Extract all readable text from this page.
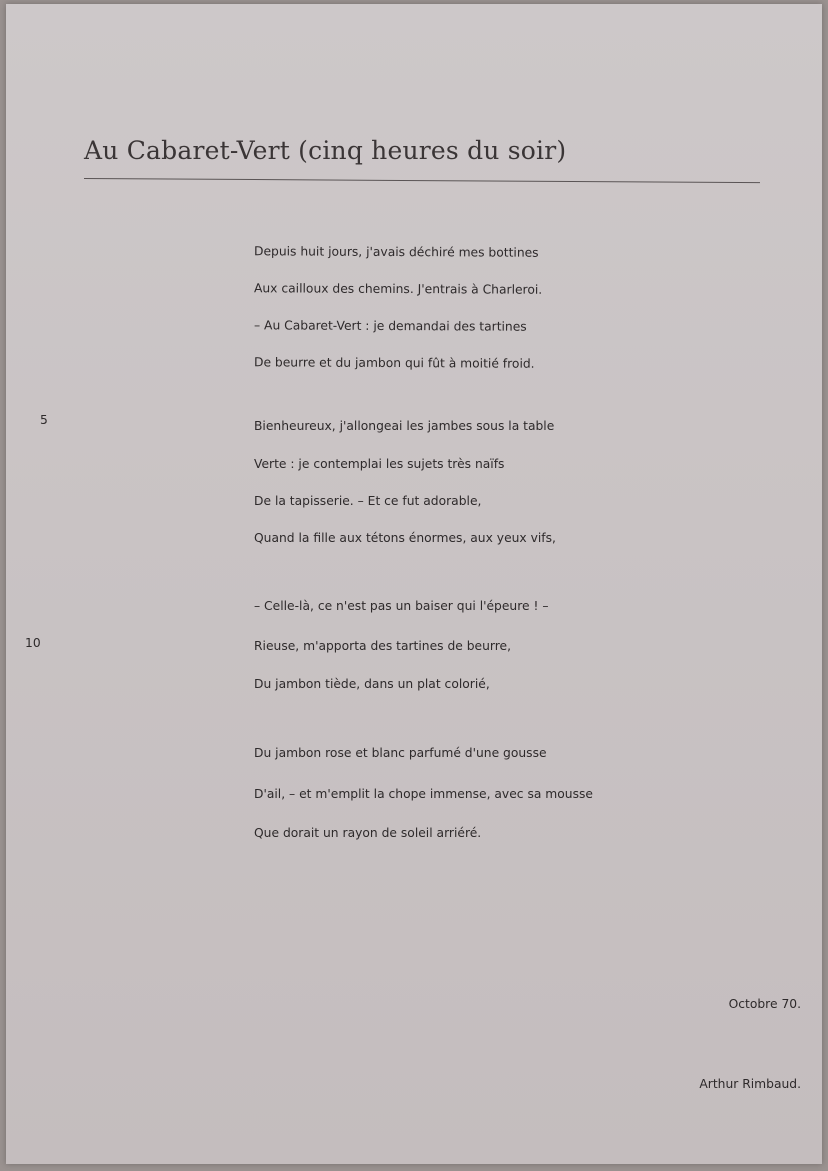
Au Cabaret-Vert (cinq heures du soir)
Depuis huit jours, j'avais déchiré mes bottines
Aux cailloux des chemins. J'entrais à Charleroi.
– Au Cabaret-Vert : je demandai des tartines
De beurre et du jambon qui fût à moitié froid.
5	Bienheureux, j'allongeai les jambes sous la table
Verte : je contemplai les sujets très naïfs
De la tapisserie. – Et ce fut adorable,
Quand la fille aux tétons énormes, aux yeux vifs,
– Celle-là, ce n'est pas un baiser qui l'épeure ! –
10	Rieuse, m'apporta des tartines de beurre,
Du jambon tiède, dans un plat colorié,
Du jambon rose et blanc parfumé d'une gousse
D'ail, – et m'emplit la chope immense, avec sa mousse
Que dorait un rayon de soleil arriéré.
Octobre 70.
Arthur Rimbaud.
